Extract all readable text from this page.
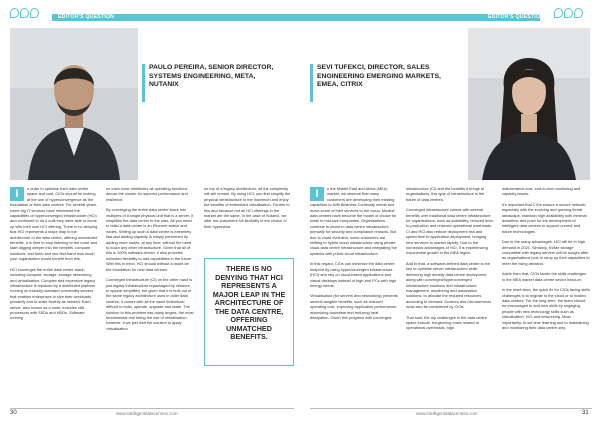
EDITOR'S QUESTION
PAULO PEREIRA, SENIOR DIRECTOR, SYSTEMS ENGINEERING, META, NUTANIX
I	n order to optimise their data centre space and cost, CIOs should be looking at the use of hyperconvergence as the foundation of their data centres. For several years, some big IT vendors have minimised the capabilities of hyperconverged infrastructure (HCI) and continued to do it until they were able to come up with their own HCI offering. There is no denying that HCI represents a major leap in the architecture of the data centre, offering unmatched benefits. It is time to stop listening to the noise and start digging deeper into the benefits, compare solutions, test them and see first-hand how much your organisation would benefit from this.

HCI converges the entire data centre stack, including compute, storage, storage networking and virtualisation. Complex and expensive legacy infrastructure is replaced by a distributed platform running on industry-standard commodity servers that enables enterprises to size their workloads precisely and to scale flexibly as needed. Each server, also known as a node, includes x86 processors with SSDs and HDDs. Software running

on each node distributes all operating functions across the cluster for superior performance and resilience.

By converging the entire data centre stack into multiples of a single physical unit that is a server, it simplifies the data centre to the max. All you need to build a data centre is an Ethernet switch and nodes. Setting up such a data centre is extremely fast and adding capacity is simply performed by adding more nodes, at any time, without the need to touch any other infrastructure. Given that all of this is 100% software-driven, it also provides unlimited flexibility to add capabilities in the future. With this in mind, HCI should without a doubt be the foundation for new data centres.

Converged Infrastructure (CI) on the other hand is just legacy infrastructure repackaged by vendors to appear simplified, but given that it is built out of the same legacy architecture used in older data centres, it comes with all the same limitations: difficult to build, operate, upgrade and scale. The solution to this problem has many angles, the most fundamental one being the use of virtualisation, however, if we just limit the solution to apply virtualisation

on top of a legacy architecture, all the complexity will still remain. By using HCI, you first simplify the physical infrastructure to the maximum and enjoy the benefits of embedded virtualisation. Further to this and because not all HCI offerings in the market are the same, in the case of Nutanix, we offer our customers full flexibility in the choice of their hypervisor.

THERE IS NO DENYING THAT HCI REPRESENTS A MAJOR LEAP IN THE ARCHITECTURE OF THE DATA CENTRE, OFFERING UNMATCHED BENEFITS.
30	www.intelligentdatacentres.com
EDITOR'S QUESTION
SEVI TUFEKCI, DIRECTOR, SALES ENGINEERING EMERGING MARKETS, EMEA, CITRIX
I	n the Middle East and Africa (MEA) market, we observe that many customers are developing their existing capacities to fulfil Business Continuity needs and move some of their services to the cloud. Modest data centres have become the model of choice for small to mid-size companies. Organisations continue to invest in data centre infrastructure primarily for security and compliance reasons. But due to cloud evolution, some customers are shifting to hybrid cloud infrastructure using private cloud data centre infrastructure and integrating the systems with public cloud infrastructure.

In this regard, CIOs can minimise the data centre footprint by using hyperconverged infrastructure (HCI) and rely on cloud-based applications and virtual desktops instead of high-end PCs with high energy needs.

Virtualisation (for servers and networking) presents several tangible benefits, such as reduced operating cost, improving application performance, minimising downtime and reducing heat dissipation. Given this progress with converged

infrastructure (CI) and the benefits it brings to organisations, this type of infrastructure is the future of data centres.

Converged infrastructure comes with several benefits over traditional data centre infrastructure for organisations, such as scalability, reduced time-to-production and reduced operational overheads. CI and HCI also reduce deployment risk and speed time to application deployment, bringing new services to market rapidly. Due to the numerous advantages of HCI, it is experiencing exponential growth in the MEA region.

Add to that, a software-defined data centre is the key to optimise server infrastructure while delivering high density data centre deployment, along with converged/hyperconverged infrastructure solutions and infrastructure management, monitoring and automation solutions, to allocate the required resources according to demand. Dockers and microservices must also be considered by CIOs.

That said, the top challenges in the data centre space include: burgeoning costs related to operational overheads, high

maintenance cost, end-to-end monitoring and capacity issues.

It's important that CIOs ensure a secure network, especially with the evolving and growing threat landscape, maintain high availability with minimal downtime and push for the development of intelligent data centres to support current and future technologies.

Due to the many advantages, HCI will be in high demand in 2021. Similarly, NVMe storage compatible with legacy servers will be sought after as organisations look to ramp up their capacities to meet the rising demand.

Aside from that, CIOs tackle the skills challenges in the MEA market data centre sector head-on.

In the short-term, the quick fix for CIOs facing skills challenges is to migrate to the cloud or to hosted data centres. For the long-term, the team should be encouraged to add new skills by engaging people with new technology skills such as virtualisation, HCI and networking. Most importantly, to cut time learning and to maintaining and monitoring their data centre only.

www.intelligentdatacentres.com	31
